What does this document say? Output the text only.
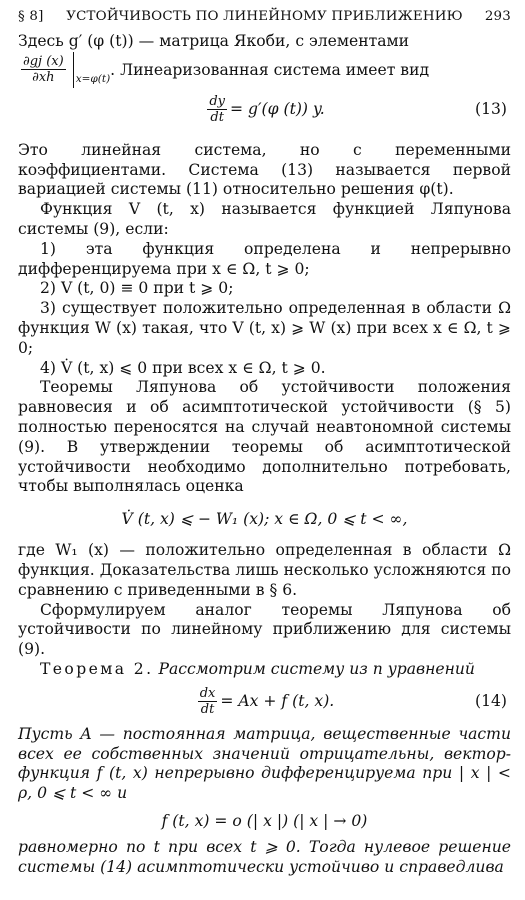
§ 8]	УСТОЙЧИВОСТЬ ПО ЛИНЕЙНОМУ ПРИБЛИЖЕНИЮ	293

Здесь g′ (φ (t)) — матрица Якоби, с элементами

$\frac{\partial gj (x)}{\partial xh} x=\varphi(t)$ . Линеаризованная система имеет вид
$\frac{dy}{dt} = g'(\varphi$ (t)) y.	(13)

Это линейная система, но с переменными коэффициентами. Система (13) называется первой вариацией системы (11) относительно решения φ(t).

Функция V (t, x) называется функцией Ляпунова системы (9), если:

1) эта функция определена и непрерывно дифференцируема при x ∈ Ω, t ⩾ 0;

2) V (t, 0) ≡ 0 при t ⩾ 0;

3) существует положительно определенная в области Ω функция W (x) такая, что V (t, x) ⩾ W (x) при всех x ∈ Ω, t ⩾ 0;

4) V̇ (t, x) ⩽ 0 при всех x ∈ Ω, t ⩾ 0.

Теоремы Ляпунова об устойчивости положения равновесия и об асимптотической устойчивости (§ 5) полностью переносятся на случай неавтономной системы (9). В утверждении теоремы об асимптотической устойчивости необходимо дополнительно потребовать, чтобы выполнялась оценка

V̇ (t, x) ⩽ − W₁ (x); x ∈ Ω, 0 ⩽ t < ∞,

где W₁ (x) — положительно определенная в области Ω функция. Доказательства лишь несколько усложняются по сравнению с приведенными в § 6.

Сформулируем аналог теоремы Ляпунова об устойчивости по линейному приближению для системы (9).

Теорема 2. Рассмотрим систему из n уравнений

$\frac{dx}{dt} = Ax + f$ (t, x).	(14)

Пусть A — постоянная матрица, вещественные части всех ее собственных значений отрицательны, вектор-функция f (t, x) непрерывно дифференцируема при | x | < ρ, 0 ⩽ t < ∞ и

f (t, x) = o (| x |) (| x | → 0)

равномерно по t при всех t ⩾ 0. Тогда нулевое решение системы (14) асимптотически устойчиво и справедлива
